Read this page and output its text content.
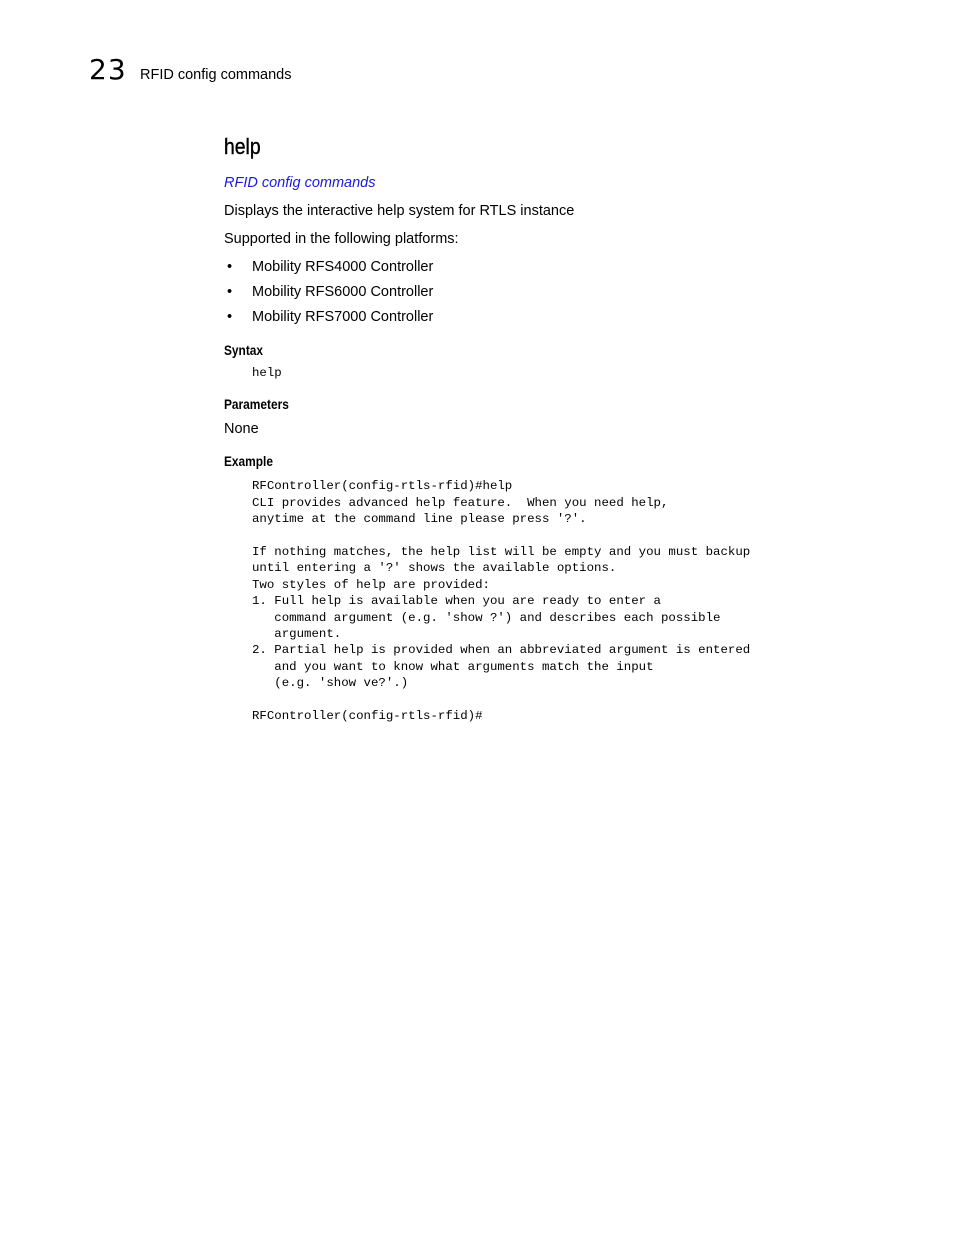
23 RFID config commands
help
RFID config commands

Displays the interactive help system for RTLS instance

Supported in the following platforms:

• Mobility RFS4000 Controller
• Mobility RFS6000 Controller
• Mobility RFS7000 Controller
Syntax
help
Parameters

None

Example
RFController(config-rtls-rfid)#help
CLI provides advanced help feature.  When you need help,
anytime at the command line please press '?'.

If nothing matches, the help list will be empty and you must backup
until entering a '?' shows the available options.
Two styles of help are provided:
1. Full help is available when you are ready to enter a
command argument (e.g. 'show ?') and describes each possible
argument.
2. Partial help is provided when an abbreviated argument is entered
and you want to know what arguments match the input
(e.g. 'show ve?'.)

RFController(config-rtls-rfid)#
